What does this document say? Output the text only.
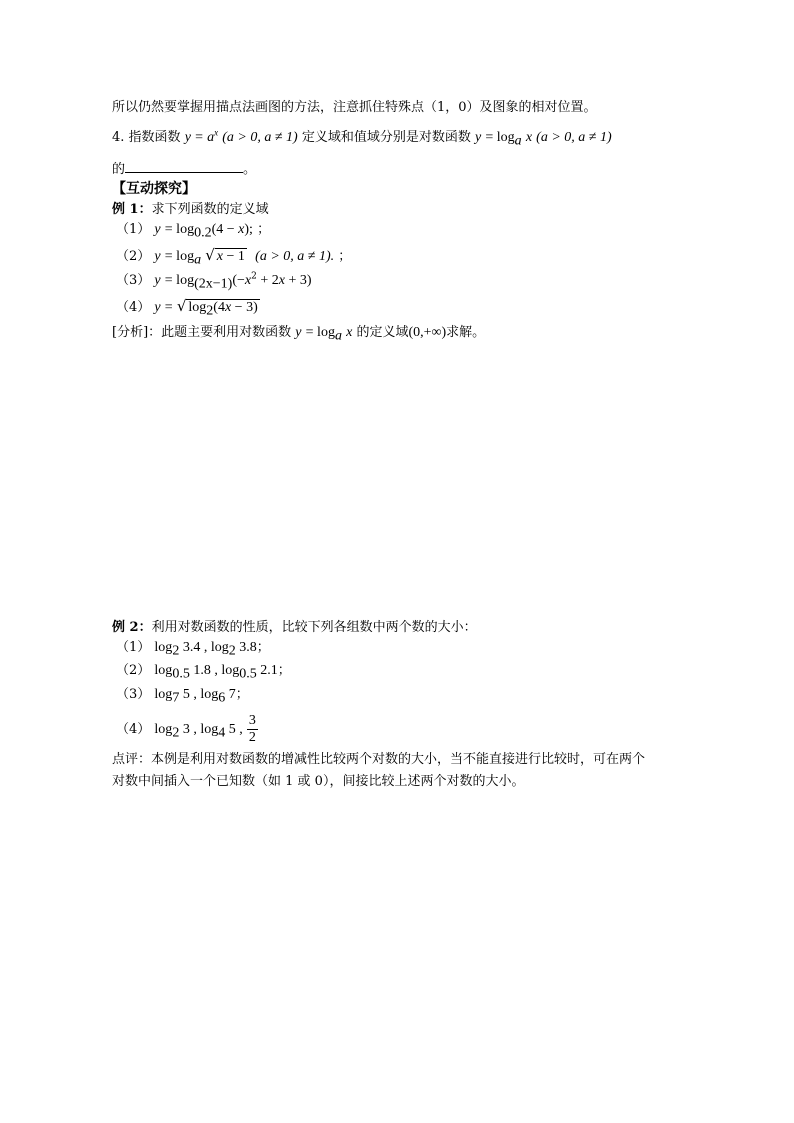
所以仍然要掌握用描点法画图的方法，注意抓住特殊点（1，0）及图象的相对位置。
4. 指数函数 $y = a^x$ (a > 0, a ≠ 1) 定义域和值域分别是对数函数 $y = \log_a x$ (a > 0, a ≠ 1)
的	。
【互动探究】
例 1：求下列函数的定义域
（1） $y = \log_{0.2}(4 - x)$; ；
（2） $y = \log_a$ √ x − 1 (a > 0, a ≠ 1). ；
（3） $y = \log_{(2x-1)}(-x^2 + 2x + 3)$
（4） y = √ $\log_2(4x - 3)$
[分析]：此题主要利用对数函数 $y = \log_a x$ 的定义域(0,+∞)求解。
例 2：利用对数函数的性质，比较下列各组数中两个数的大小：
（1） $\log_2 3.4$ , $\log_2 3.8$；
（2） $\log_{0.5} 1.8$ , $\log_{0.5} 2.1$；
（3） $\log_7 5$ , $\log_6 7$；
（4） $\log_2 3$ , $\log_4 5$ , $\frac{3}{2}$
点评：本例是利用对数函数的增减性比较两个对数的大小，当不能直接进行比较时，可在两个
对数中间插入一个已知数（如 1 或 0），间接比较上述两个对数的大小。
